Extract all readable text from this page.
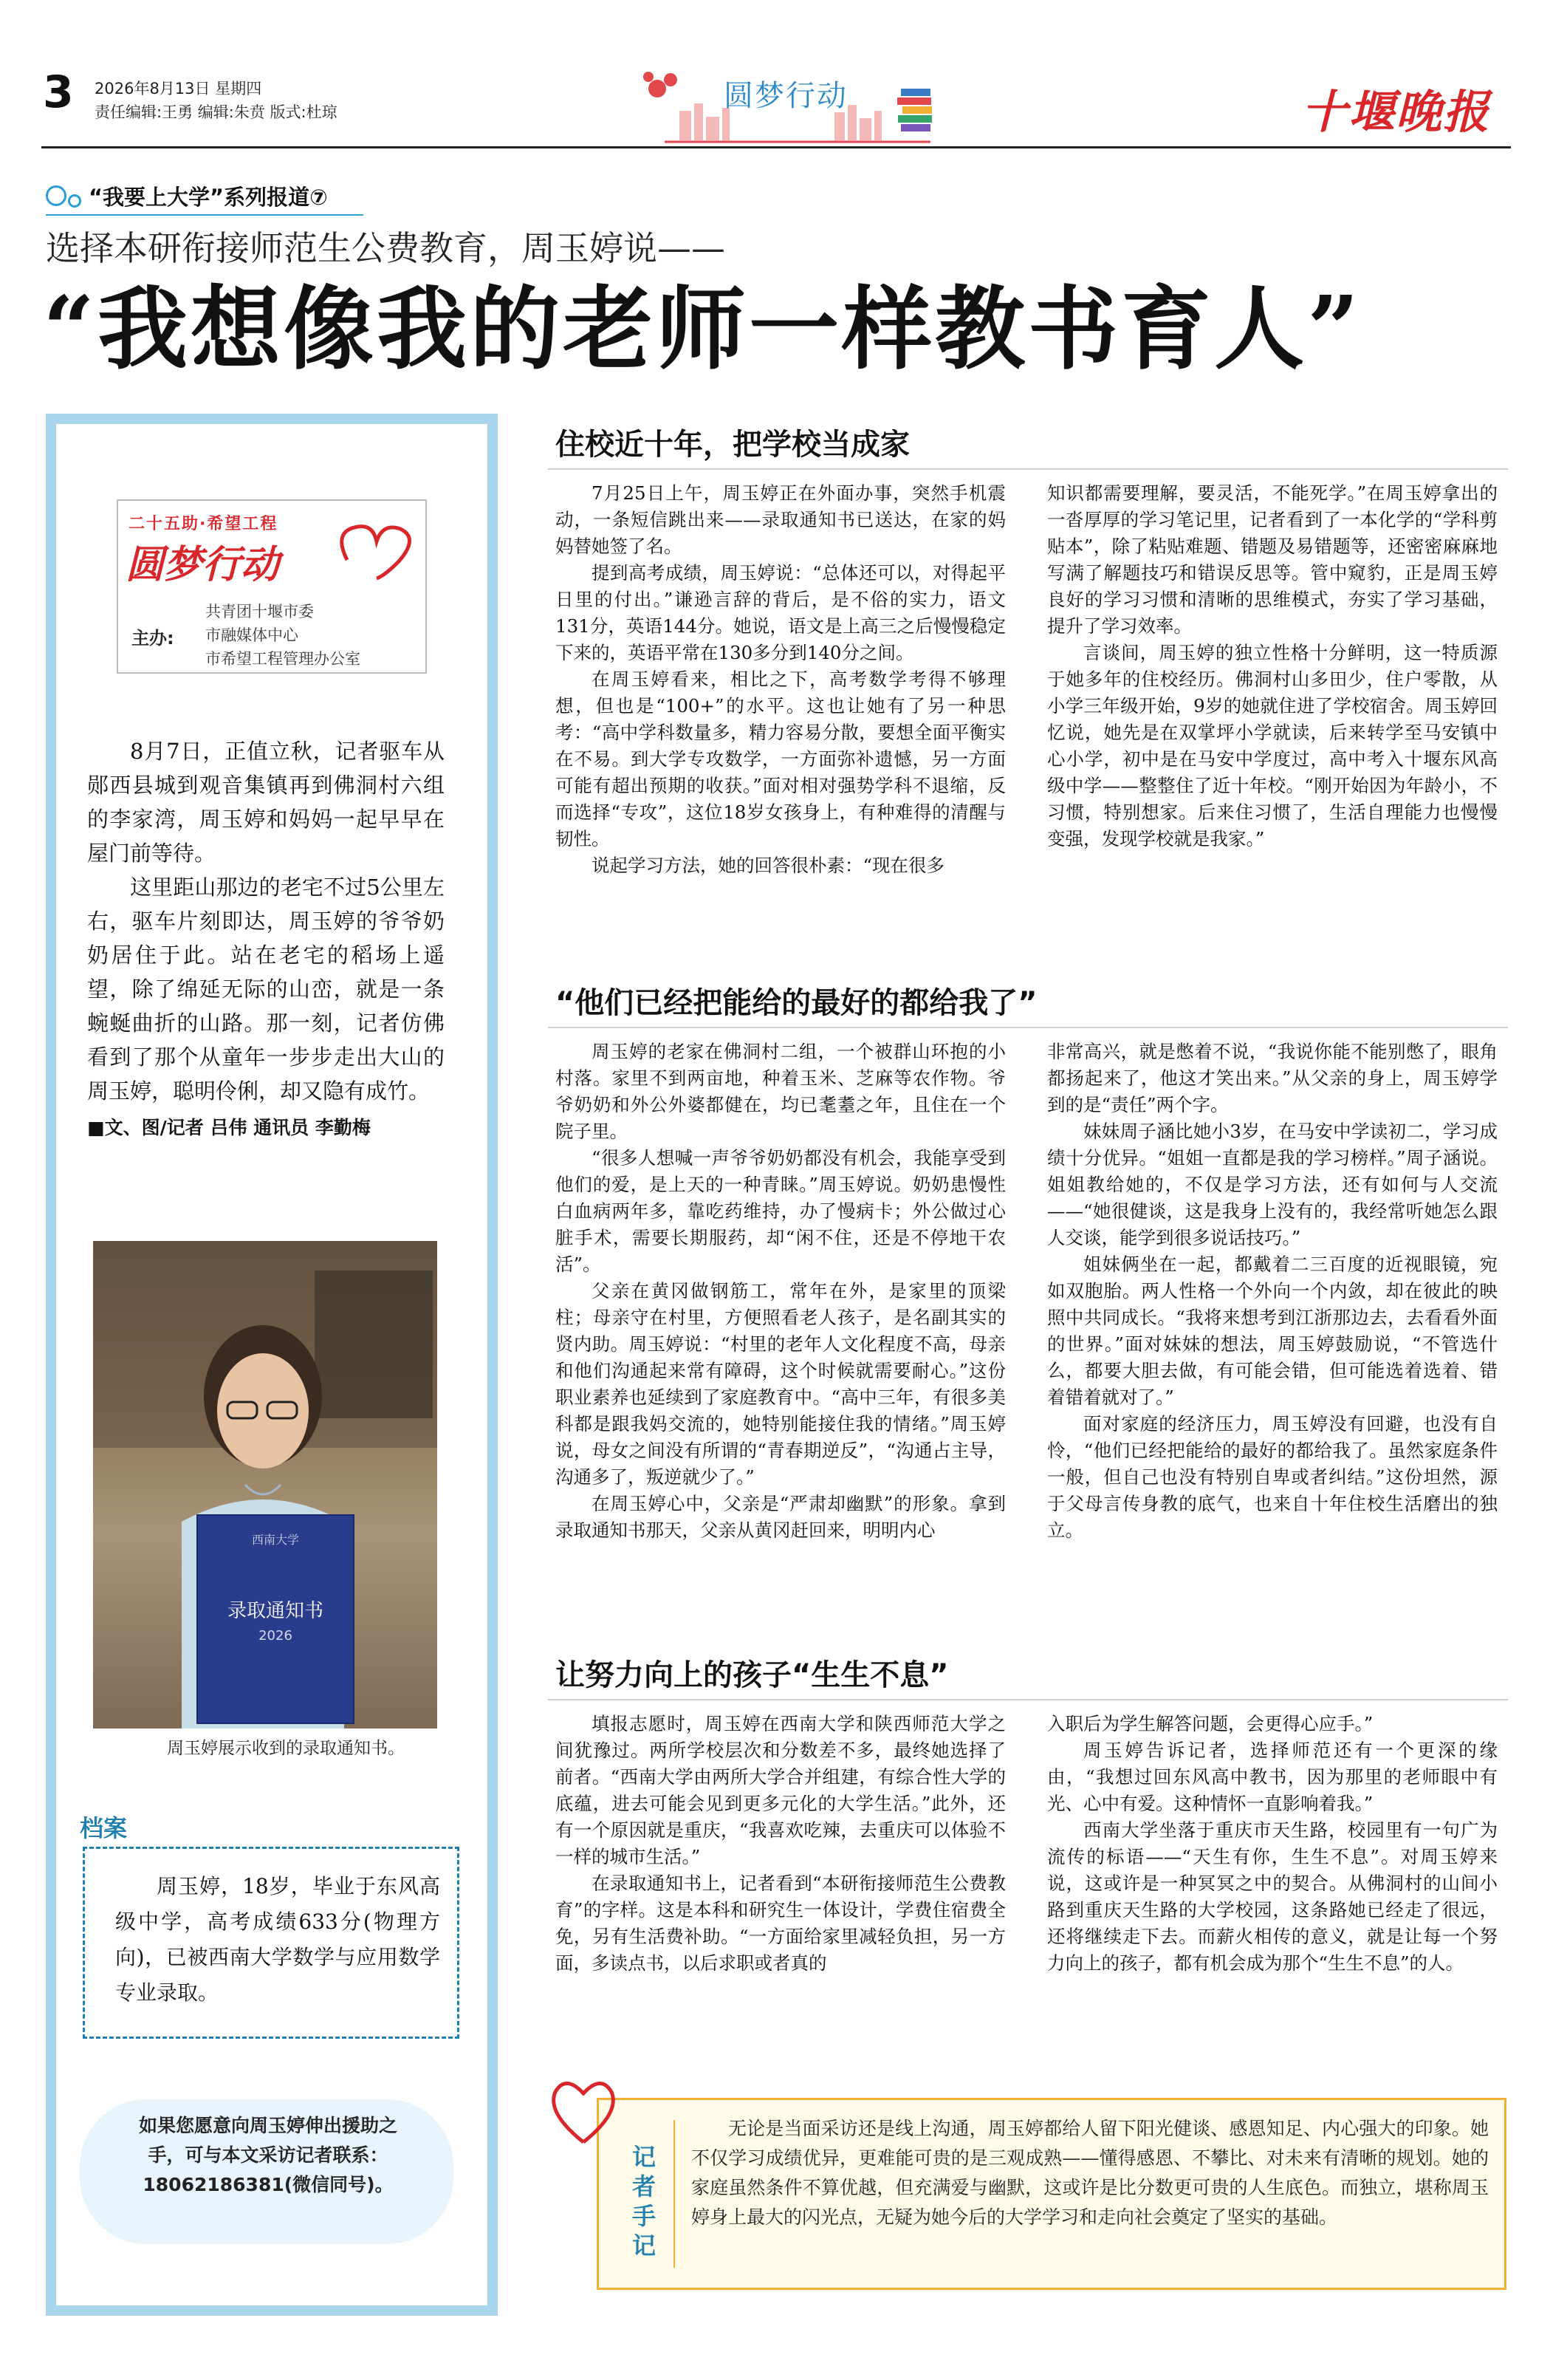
3 2026年8月13日 星期四
责任编辑:王勇 编辑:朱贲 版式:杜琼	圆梦行动	十堰晚报
“我要上大学”系列报道⑦
选择本研衔接师范生公费教育，周玉婷说——
“我想像我的老师一样教书育人”
二十五助·希望工程
圆梦行动
主办:
共青团十堰市委
市融媒体中心
市希望工程管理办公室

8月7日，正值立秋，记者驱车从郧西县城到观音集镇再到佛洞村六组的李家湾，周玉婷和妈妈一起早早在屋门前等待。

这里距山那边的老宅不过5公里左右，驱车片刻即达，周玉婷的爷爷奶奶居住于此。站在老宅的稻场上遥望，除了绵延无际的山峦，就是一条蜿蜒曲折的山路。那一刻，记者仿佛看到了那个从童年一步步走出大山的周玉婷，聪明伶俐，却又隐有成竹。

■文、图/记者 吕伟 通讯员 李勤梅
西南大学
录取通知书
2026
周玉婷展示收到的录取通知书。
档案
周玉婷，18岁，毕业于东风高级中学，高考成绩633分(物理方向)，已被西南大学数学与应用数学专业录取。
如果您愿意向周玉婷伸出援助之手，可与本文采访记者联系：18062186381(微信同号)。
住校近十年，把学校当成家

7月25日上午，周玉婷正在外面办事，突然手机震动，一条短信跳出来——录取通知书已送达，在家的妈妈替她签了名。

提到高考成绩，周玉婷说：“总体还可以，对得起平日里的付出。”谦逊言辞的背后，是不俗的实力，语文131分，英语144分。她说，语文是上高三之后慢慢稳定下来的，英语平常在130多分到140分之间。

在周玉婷看来，相比之下，高考数学考得不够理想，但也是“100+”的水平。这也让她有了另一种思考：“高中学科数量多，精力容易分散，要想全面平衡实在不易。到大学专攻数学，一方面弥补遗憾，另一方面可能有超出预期的收获。”面对相对强势学科不退缩，反而选择“专攻”，这位18岁女孩身上，有种难得的清醒与韧性。

说起学习方法，她的回答很朴素：“现在很多

知识都需要理解，要灵活，不能死学。”在周玉婷拿出的一沓厚厚的学习笔记里，记者看到了一本化学的“学科剪贴本”，除了粘贴难题、错题及易错题等，还密密麻麻地写满了解题技巧和错误反思等。管中窥豹，正是周玉婷良好的学习习惯和清晰的思维模式，夯实了学习基础，提升了学习效率。

言谈间，周玉婷的独立性格十分鲜明，这一特质源于她多年的住校经历。佛洞村山多田少，住户零散，从小学三年级开始，9岁的她就住进了学校宿舍。周玉婷回忆说，她先是在双掌坪小学就读，后来转学至马安镇中心小学，初中是在马安中学度过，高中考入十堰东风高级中学——整整住了近十年校。“刚开始因为年龄小，不习惯，特别想家。后来住习惯了，生活自理能力也慢慢变强，发现学校就是我家。”

“他们已经把能给的最好的都给我了”

周玉婷的老家在佛洞村二组，一个被群山环抱的小村落。家里不到两亩地，种着玉米、芝麻等农作物。爷爷奶奶和外公外婆都健在，均已耄耋之年，且住在一个院子里。

“很多人想喊一声爷爷奶奶都没有机会，我能享受到他们的爱，是上天的一种青睐。”周玉婷说。奶奶患慢性白血病两年多，靠吃药维持，办了慢病卡；外公做过心脏手术，需要长期服药，却“闲不住，还是不停地干农活”。

父亲在黄冈做钢筋工，常年在外，是家里的顶梁柱；母亲守在村里，方便照看老人孩子，是名副其实的贤内助。周玉婷说：“村里的老年人文化程度不高，母亲和他们沟通起来常有障碍，这个时候就需要耐心。”这份职业素养也延续到了家庭教育中。“高中三年，有很多美科都是跟我妈交流的，她特别能接住我的情绪。”周玉婷说，母女之间没有所谓的“青春期逆反”，“沟通占主导，沟通多了，叛逆就少了。”

在周玉婷心中，父亲是“严肃却幽默”的形象。拿到录取通知书那天，父亲从黄冈赶回来，明明内心

非常高兴，就是憋着不说，“我说你能不能别憋了，眼角都扬起来了，他这才笑出来。”从父亲的身上，周玉婷学到的是“责任”两个字。

妹妹周子涵比她小3岁，在马安中学读初二，学习成绩十分优异。“姐姐一直都是我的学习榜样。”周子涵说。姐姐教给她的，不仅是学习方法，还有如何与人交流——“她很健谈，这是我身上没有的，我经常听她怎么跟人交谈，能学到很多说话技巧。”

姐妹俩坐在一起，都戴着二三百度的近视眼镜，宛如双胞胎。两人性格一个外向一个内敛，却在彼此的映照中共同成长。“我将来想考到江浙那边去，去看看外面的世界。”面对妹妹的想法，周玉婷鼓励说，“不管选什么，都要大胆去做，有可能会错，但可能选着选着、错着错着就对了。”

面对家庭的经济压力，周玉婷没有回避，也没有自怜，“他们已经把能给的最好的都给我了。虽然家庭条件一般，但自己也没有特别自卑或者纠结。”这份坦然，源于父母言传身教的底气，也来自十年住校生活磨出的独立。

让努力向上的孩子“生生不息”

填报志愿时，周玉婷在西南大学和陕西师范大学之间犹豫过。两所学校层次和分数差不多，最终她选择了前者。“西南大学由两所大学合并组建，有综合性大学的底蕴，进去可能会见到更多元化的大学生活。”此外，还有一个原因就是重庆，“我喜欢吃辣，去重庆可以体验不一样的城市生活。”

在录取通知书上，记者看到“本研衔接师范生公费教育”的字样。这是本科和研究生一体设计，学费住宿费全免，另有生活费补助。“一方面给家里减轻负担，另一方面，多读点书，以后求职或者真的

入职后为学生解答问题，会更得心应手。”

周玉婷告诉记者，选择师范还有一个更深的缘由，“我想过回东风高中教书，因为那里的老师眼中有光、心中有爱。这种情怀一直影响着我。”

西南大学坐落于重庆市天生路，校园里有一句广为流传的标语——“天生有你，生生不息”。对周玉婷来说，这或许是一种冥冥之中的契合。从佛洞村的山间小路到重庆天生路的大学校园，这条路她已经走了很远，还将继续走下去。而薪火相传的意义，就是让每一个努力向上的孩子，都有机会成为那个“生生不息”的人。

记者手记
无论是当面采访还是线上沟通，周玉婷都给人留下阳光健谈、感恩知足、内心强大的印象。她不仅学习成绩优异，更难能可贵的是三观成熟——懂得感恩、不攀比、对未来有清晰的规划。她的家庭虽然条件不算优越，但充满爱与幽默，这或许是比分数更可贵的人生底色。而独立，堪称周玉婷身上最大的闪光点，无疑为她今后的大学学习和走向社会奠定了坚实的基础。
